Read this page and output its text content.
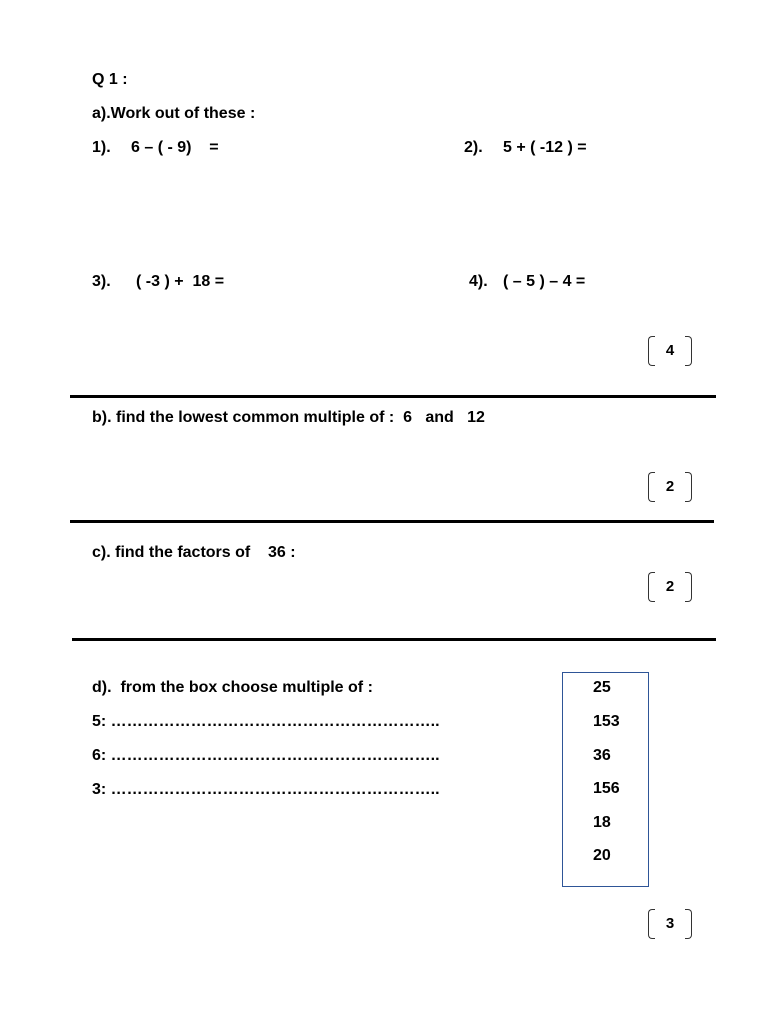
Q 1 :
a).Work out of these :
1). 6 – ( - 9)    =	2). 5 + ( -12 ) =
3). ( -3 ) +  18 =	4). ( – 5 ) – 4 =
4
b). find the lowest common multiple of :  6   and   12
2
c). find the factors of    36 :
2
d).  from the box choose multiple of :
5: ……………………………………………………..
6: ……………………………………………………..
3: ……………………………………………………..
25
153
36
156
18
20
3
